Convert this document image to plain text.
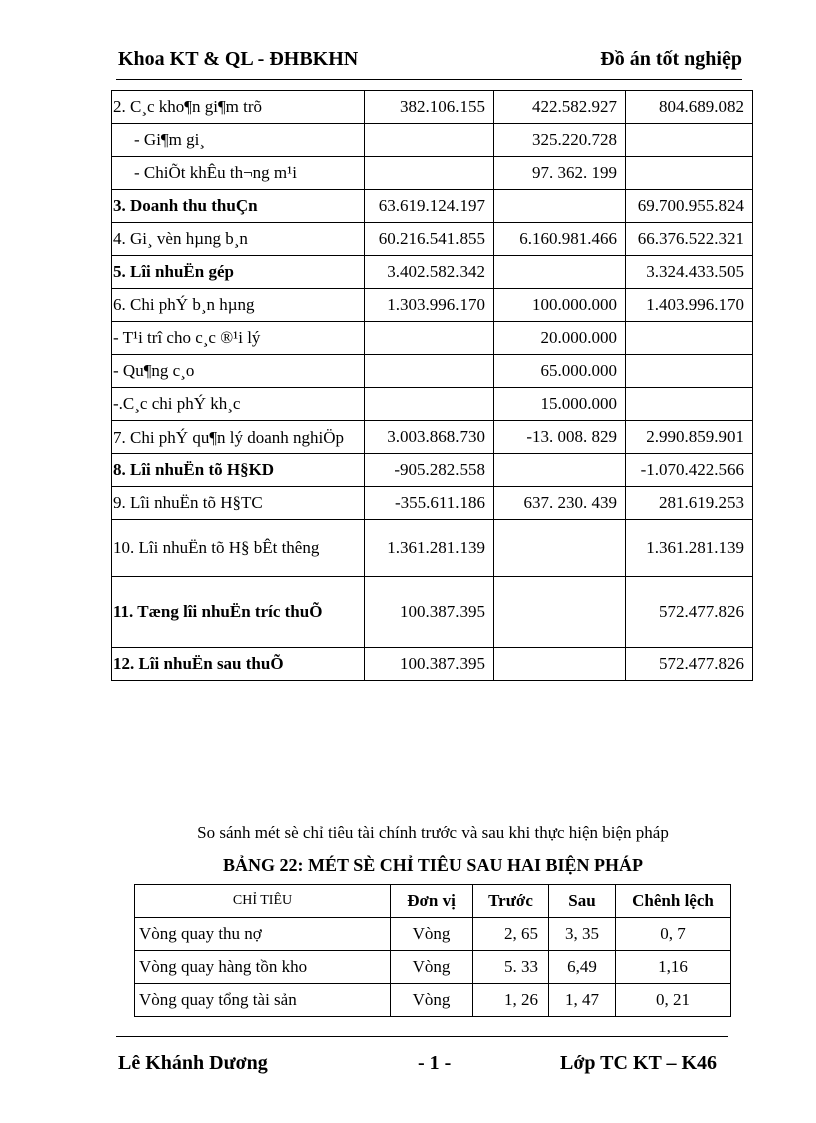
Khoa KT & QL - ĐHBKHN	Đồ án tốt nghiệp
2. C¸c kho¶n gi¶m trõ	382.106.155	422.582.927	804.689.082
- Gi¶m gi¸		325.220.728	
- ChiÕt khÊu th¬ng m¹i		97. 362. 199	
3. Doanh thu thuÇn	63.619.124.197		69.700.955.824
4. Gi¸ vèn hµng b¸n	60.216.541.855	6.160.981.466	66.376.522.321
5. Lîi nhuËn gép	3.402.582.342		3.324.433.505
6. Chi phÝ b¸n hµng	1.303.996.170	100.000.000	1.403.996.170
- T¹i trî cho c¸c ®¹i lý		20.000.000	
- Qu¶ng c¸o		65.000.000	
-.C¸c chi phÝ kh¸c		15.000.000	
7. Chi phÝ qu¶n lý doanh nghiÖp	3.003.868.730	-13. 008. 829	2.990.859.901
8. Lîi nhuËn tõ H§KD	-905.282.558		-1.070.422.566
9. Lîi nhuËn tõ H§TC	-355.611.186	637. 230. 439	281.619.253
10. Lîi nhuËn tõ H§ bÊt thêng	1.361.281.139		1.361.281.139
11. Tæng lîi nhuËn tríc thuÕ	100.387.395		572.477.826
12. Lîi nhuËn sau thuÕ	100.387.395		572.477.826
So sánh mét sè chỉ tiêu tài chính trước và sau khi thực hiện biện pháp
BẢNG 22: MÉT SÈ CHỈ TIÊU SAU HAI BIỆN PHÁP
CHỈ TIÊU	Đơn vị	Trước	Sau	Chênh lệch
Vòng quay thu nợ	Vòng	2, 65	3, 35	0, 7
Vòng quay hàng tồn kho	Vòng	5. 33	6,49	1,16
Vòng quay tổng tài sản	Vòng	1, 26	1, 47	0, 21
Lê Khánh Dương	- 1 -	Lớp TC KT – K46
